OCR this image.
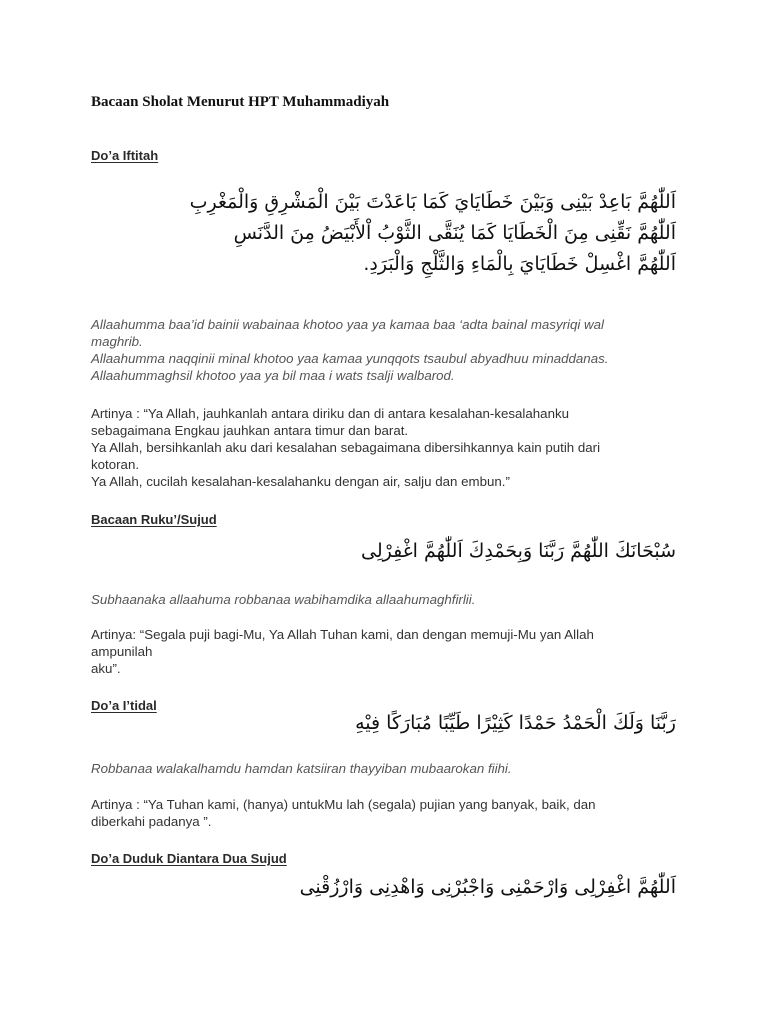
Bacaan Sholat Menurut HPT Muhammadiyah
Do’a Iftitah
اَللّٰهُمَّ بَاعِدْ بَيْنِى وَبَيْنَ خَطَايَايَ كَمَا بَاعَدْتَ بَيْنَ الْمَشْرِقِ وَالْمَغْرِبِ
اَللّٰهُمَّ نَقِّنِى مِنَ الْخَطَايَا كَمَا يُنَقَّى الثَّوْبُ اْلأَبْيَضُ مِنَ الدَّنَسِ
اَللّٰهُمَّ اغْسِلْ خَطَايَايَ بِالْمَاءِ وَالثَّلْجِ وَالْبَرَدِ.
Allaahumma baa’id bainii wabainaa khotoo yaa ya kamaa baa ‘adta bainal masyriqi wal
maghrib.
Allaahumma naqqinii minal khotoo yaa kamaa yunqqots tsaubul abyadhuu minaddanas.
Allaahummaghsil khotoo yaa ya bil maa i wats tsalji walbarod.
Artinya : “Ya Allah, jauhkanlah antara diriku dan di antara kesalahan-kesalahanku
sebagaimana Engkau jauhkan antara timur dan barat.
Ya Allah, bersihkanlah aku dari kesalahan sebagaimana dibersihkannya kain putih dari
kotoran.
Ya Allah, cucilah kesalahan-kesalahanku dengan air, salju dan embun.”
Bacaan Ruku’/Sujud
سُبْحَانَكَ اللّٰهُمَّ رَبَّنَا وَبِحَمْدِكَ اَللّٰهُمَّ اغْفِرْلِى
Subhaanaka allaahuma robbanaa wabihamdika allaahumaghfirlii.
Artinya: “Segala puji bagi-Mu, Ya Allah Tuhan kami, dan dengan memuji-Mu yan Allah
ampunilah
aku”.
Do’a I’tidal
رَبَّنَا وَلَكَ الْحَمْدُ حَمْدًا كَثِيْرًا طَيِّبًا مُبَارَكًا فِيْهِ
Robbanaa walakalhamdu hamdan katsiiran thayyiban mubaarokan fiihi.
Artinya : “Ya Tuhan kami, (hanya) untukMu lah (segala) pujian yang banyak, baik, dan
diberkahi padanya ”.
Do’a Duduk Diantara Dua Sujud
اَللّٰهُمَّ اغْفِرْلِى وَارْحَمْنِى وَاجْبُرْنِى وَاهْدِنِى وَارْزُقْنِى
